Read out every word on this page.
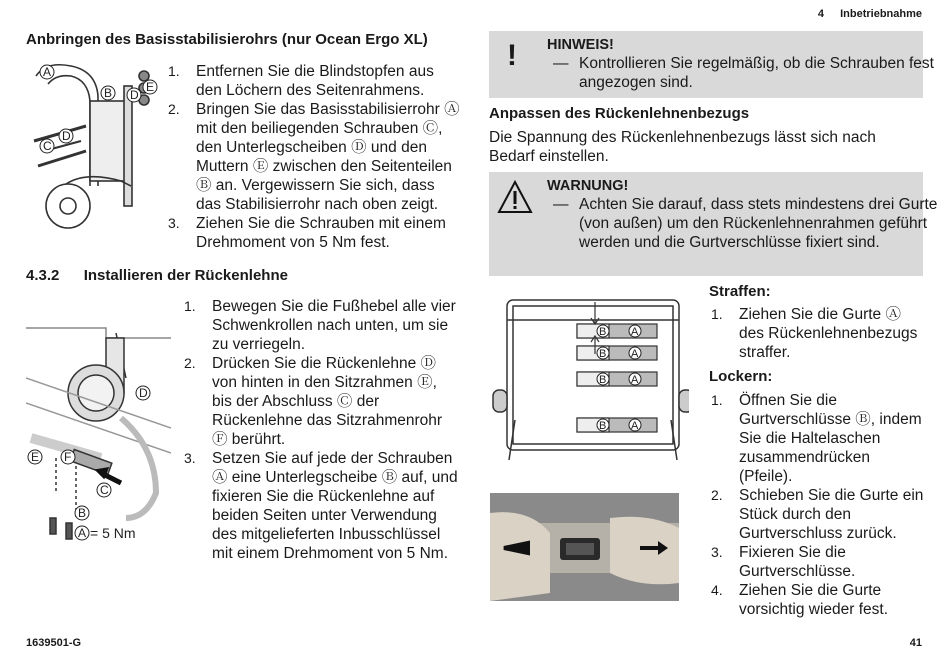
4 Inbetriebnahme
Anbringen des Basisstabilisierohrs (nur Ocean Ergo XL)
A
B D
E
C
D
1. Entfernen Sie die Blindstopfen aus den Löchern des Seitenrahmens.
2. Bringen Sie das Basisstabilisierrohr Ⓐ mit den beiliegenden Schrauben Ⓒ, den Unterlegscheiben Ⓓ und den Muttern Ⓔ zwischen den Seitenteilen Ⓑ an. Vergewissern Sie sich, dass das Stabilisierrohr nach oben zeigt.
3. Ziehen Sie die Schrauben mit einem Drehmoment von 5 Nm fest.
4.3.2 Installieren der Rückenlehne
D
E F
C
B
A = 5 Nm
1. Bewegen Sie die Fußhebel alle vier Schwenkrollen nach unten, um sie zu verriegeln.
2. Drücken Sie die Rückenlehne Ⓓ von hinten in den Sitzrahmen Ⓔ, bis der Abschluss Ⓒ der Rückenlehne das Sitzrahmenrohr Ⓕ berührt.
3. Setzen Sie auf jede der Schrauben Ⓐ eine Unterlegscheibe Ⓑ auf, und fixieren Sie die Rückenlehne auf beiden Seiten unter Verwendung des mitgelieferten Inbusschlüssel mit einem Drehmoment von 5 Nm.
! HINWEIS!
— Kontrollieren Sie regelmäßig, ob die Schrauben fest angezogen sind.
Anpassen des Rückenlehnenbezugs
Die Spannung des Rückenlehnenbezugs lässt sich nach Bedarf einstellen.
WARNUNG!
— Achten Sie darauf, dass stets mindestens drei Gurte (von außen) um den Rückenlehnenrahmen geführt werden und die Gurtverschlüsse fixiert sind.
B A
B A
B A
B A
Straffen:
1. Ziehen Sie die Gurte Ⓐ des Rückenlehnenbezugs straffer.
Lockern:
1. Öffnen Sie die Gurtverschlüsse Ⓑ, indem Sie die Haltelaschen zusammendrücken (Pfeile).
2. Schieben Sie die Gurte ein Stück durch den Gurtverschluss zurück.
3. Fixieren Sie die Gurtverschlüsse.
4. Ziehen Sie die Gurte vorsichtig wieder fest.
1639501-G	41
